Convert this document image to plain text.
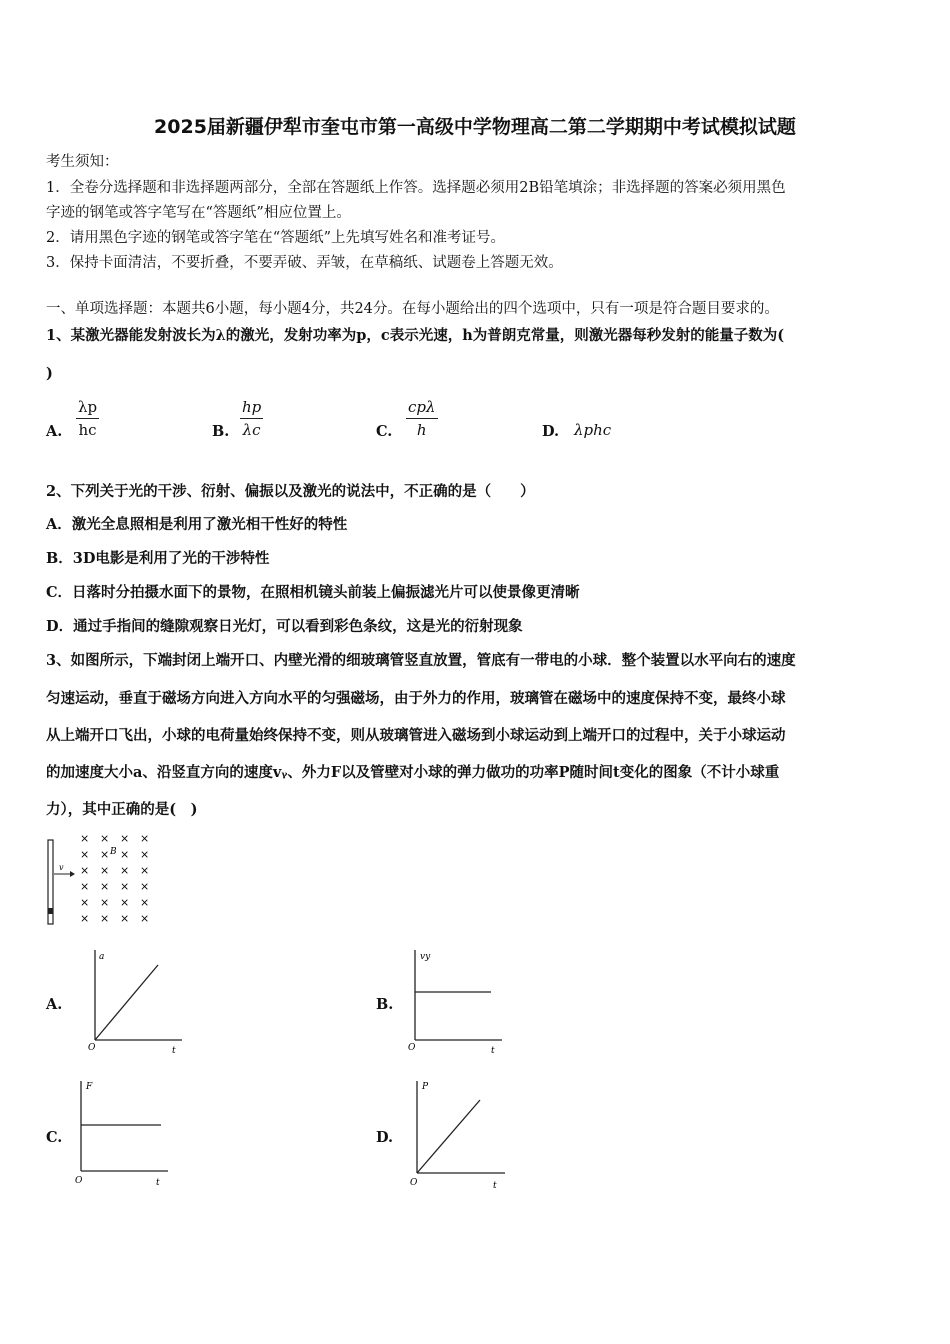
2025届新疆伊犁市奎屯市第一高级中学物理高二第二学期期中考试模拟试题
考生须知：
1．全卷分选择题和非选择题两部分，全部在答题纸上作答。选择题必须用2B铅笔填涂；非选择题的答案必须用黑色
字迹的钢笔或答字笔写在“答题纸”相应位置上。
2．请用黑色字迹的钢笔或答字笔在“答题纸”上先填写姓名和准考证号。
3．保持卡面清洁，不要折叠，不要弄破、弄皱，在草稿纸、试题卷上答题无效。
一、单项选择题：本题共6小题，每小题4分，共24分。在每小题给出的四个选项中，只有一项是符合题目要求的。
1、某激光器能发射波长为λ的激光，发射功率为p，c表示光速，h为普朗克常量，则激光器每秒发射的能量子数为(
)
A. $\frac{\lambda p}{hc}$	B. $\frac{hp}{\lambda c}$	C.
cpλ
h	D. λphc
2、下列关于光的干涉、衍射、偏振以及激光的说法中，不正确的是（　　）
A．激光全息照相是利用了激光相干性好的特性
B．3D电影是利用了光的干涉特性
C．日落时分拍摄水面下的景物，在照相机镜头前装上偏振滤光片可以使景像更清晰
D．通过手指间的缝隙观察日光灯，可以看到彩色条纹，这是光的衍射现象
3、如图所示，下端封闭上端开口、内壁光滑的细玻璃管竖直放置，管底有一带电的小球．整个装置以水平向右的速度
匀速运动，垂直于磁场方向进入方向水平的匀强磁场，由于外力的作用，玻璃管在磁场中的速度保持不变，最终小球
从上端开口飞出，小球的电荷量始终保持不变，则从玻璃管进入磁场到小球运动到上端开口的过程中，关于小球运动
的加速度大小a、沿竖直方向的速度vᵧ、外力F以及管壁对小球的弹力做功的功率P随时间t变化的图象（不计小球重
力），其中正确的是(　)
v
B
× × × ×
× × × ×
× × × ×
× × × ×
× × × ×
× × × ×
A.
a
t
O
B.
vy
t
O
C.
F
t
O
D.
P
t
O
